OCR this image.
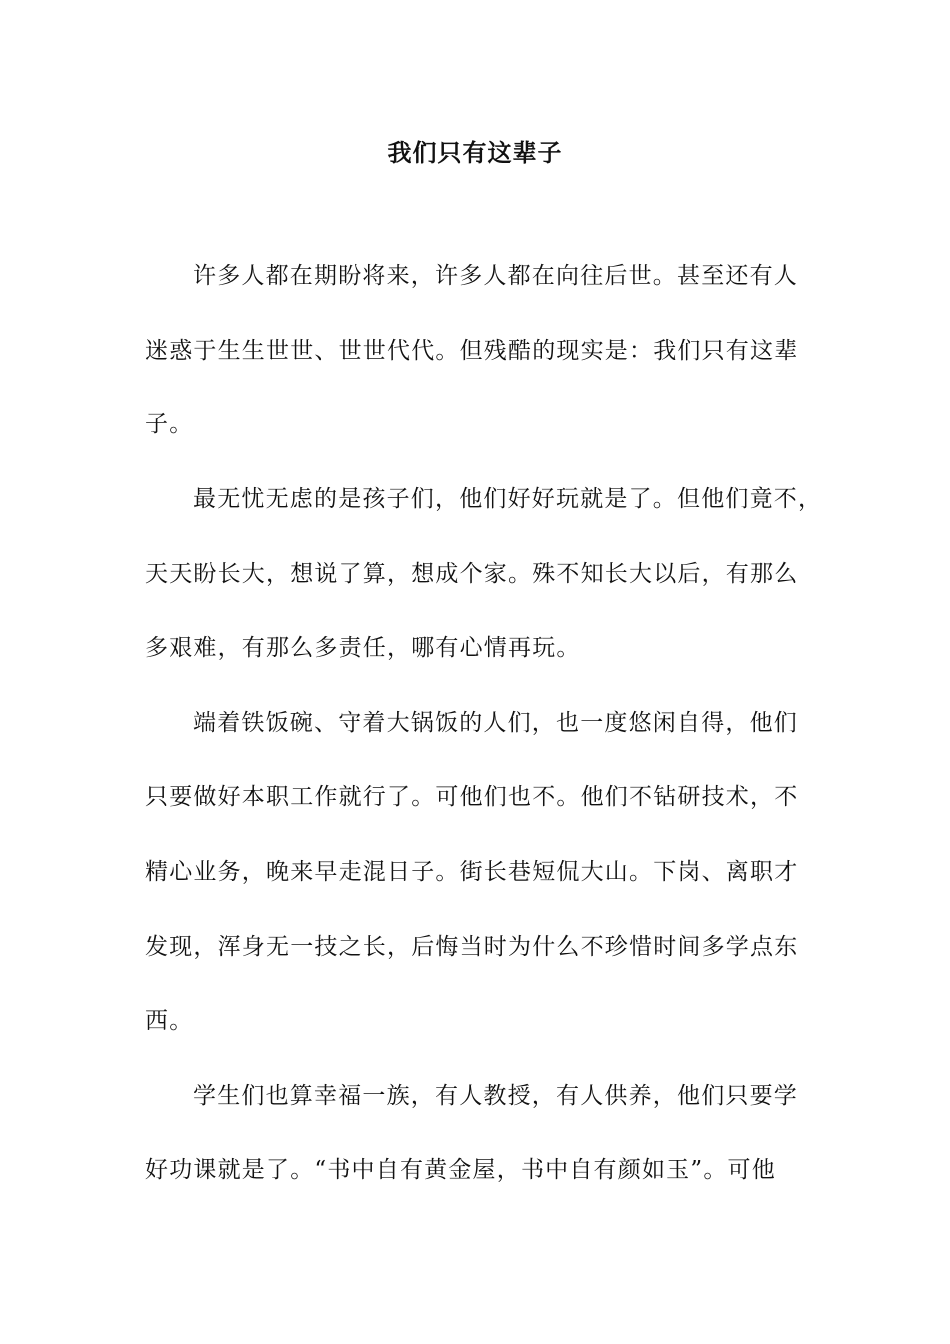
我们只有这辈子
许多人都在期盼将来，许多人都在向往后世。甚至还有人
迷惑于生生世世、世世代代。但残酷的现实是：我们只有这辈
子。
最无忧无虑的是孩子们，他们好好玩就是了。但他们竟不，
天天盼长大，想说了算，想成个家。殊不知长大以后，有那么
多艰难，有那么多责任，哪有心情再玩。
端着铁饭碗、守着大锅饭的人们，也一度悠闲自得，他们
只要做好本职工作就行了。可他们也不。他们不钻研技术，不
精心业务，晚来早走混日子。街长巷短侃大山。下岗、离职才
发现，浑身无一技之长，后悔当时为什么不珍惜时间多学点东
西。
学生们也算幸福一族，有人教授，有人供养，他们只要学
好功课就是了。“书中自有黄金屋，书中自有颜如玉”。可他
